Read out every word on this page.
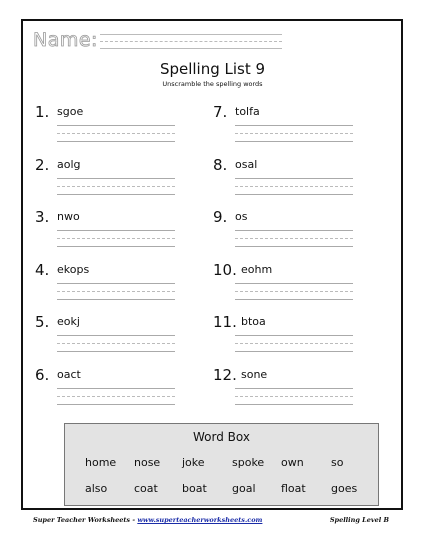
Name:
Spelling List 9
Unscramble the spelling words
1. sgoe
2. aolg
3. nwo
4. ekops
5. eokj
6. oact
7. tolfa
8. osal
9. os
10. eohm
11. btoa
12. sone
Word Box
home nose joke spoke own so
also coat boat goal float goes
Super Teacher Worksheets - www.superteacherworksheets.com	Spelling Level B
